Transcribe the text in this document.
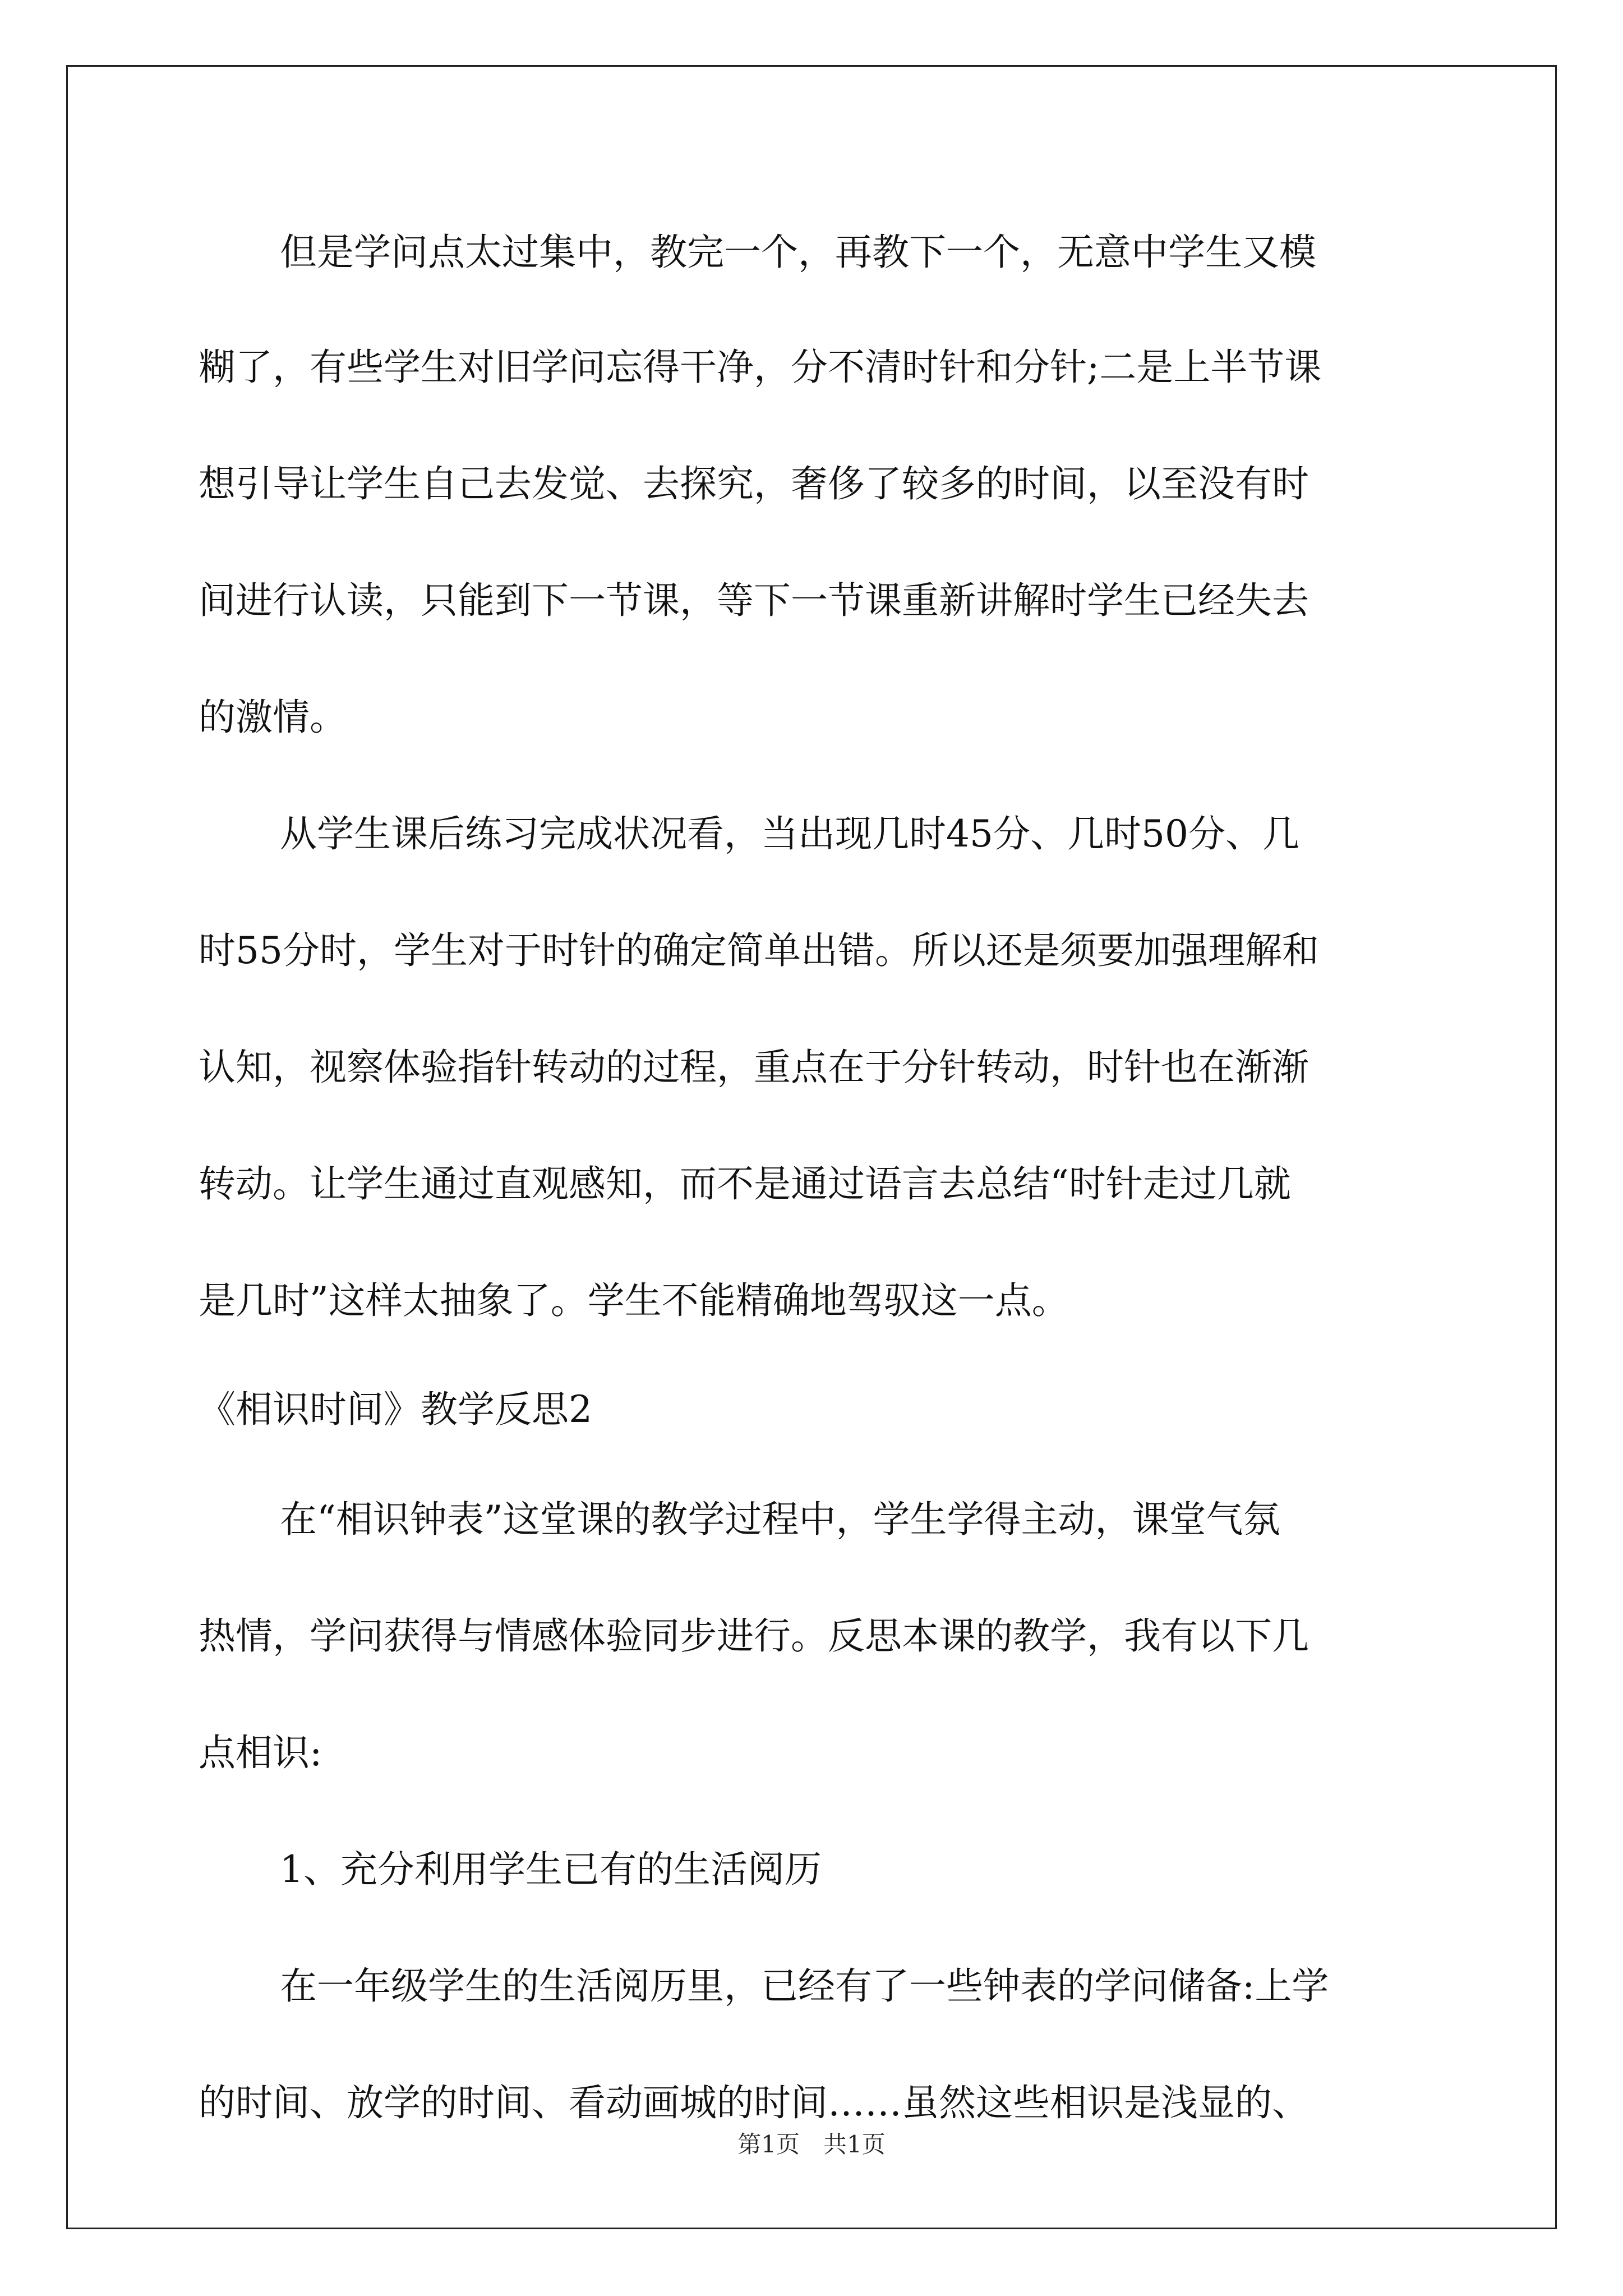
但是学问点太过集中，教完一个，再教下一个，无意中学生又模
糊了，有些学生对旧学问忘得干净，分不清时针和分针;二是上半节课
想引导让学生自己去发觉、去探究，奢侈了较多的时间，以至没有时
间进行认读，只能到下一节课，等下一节课重新讲解时学生已经失去
的激情。
从学生课后练习完成状况看，当出现几时45分、几时50分、几
时55分时，学生对于时针的确定简单出错。所以还是须要加强理解和
认知，视察体验指针转动的过程，重点在于分针转动，时针也在渐渐
转动。让学生通过直观感知，而不是通过语言去总结“时针走过几就
是几时”这样太抽象了。学生不能精确地驾驭这一点。
《相识时间》教学反思2
在“相识钟表”这堂课的教学过程中，学生学得主动，课堂气氛
热情，学问获得与情感体验同步进行。反思本课的教学，我有以下几
点相识:
1、充分利用学生已有的生活阅历
在一年级学生的生活阅历里，已经有了一些钟表的学问储备:上学
的时间、放学的时间、看动画城的时间……虽然这些相识是浅显的、
第1页　共1页
